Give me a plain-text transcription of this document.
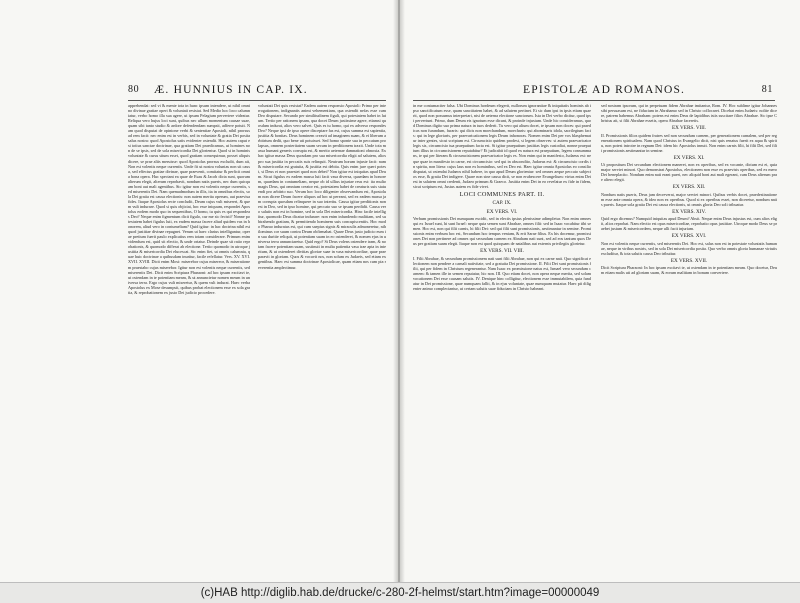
80 Æ. HUNNIUS IN CAP. IX.
apprehendat: sed vi & mente tota in hunc ipsum intendere, ut nihil omnino divinae gratiae operi & voluntati resistat. Sed Medio hoc loco calumniatur, verbo homo illa sua agere, ut ipsum Pelagium pervertere videatur. Reliqua vero hujus loci sunt, quibus nec ullum momentum causae suae, quam sibi tanto studio & ardore defendendam sumpsit, adferre potuit. Nam quod disputat de opinione verbi & sententiae Apostoli, nihil prorsus ad rem facit: nec enim est in verbis, sed in voluntate & gratia Dei posita salus nostra: quod Apostolus satis evidenter ostendit. Hoc autem caput est totius sanctae doctrinae, qua gratiam Dei praedicamus, ut homines non de se ipsis, sed de sola misericordia Dei glorientur. Quod si in hominis voluntate & cursu situm esset, quod gratiam consequimur, posset aliquis dicere, se prae aliis meruisse: quod Apostolus prorsus excludit, dum ait, Non est volentis neque currentis. Unde fit ut nostra voluntas non sit causa, sed effectus gratiae divinae, quae praevenit, comitatur & perficit omnia bona opera. Huc spectant ea quae de Esau & Jacob dicta sunt, quorum alterum elegit, alterum reprobavit, nondum natis pueris, nec dum quicquam boni aut mali agentibus. Sic igitur non est volentis neque currentis, sed miserentis Dei. Nam quemadmodum in illis, ita in omnibus electis, sola Dei gratia est causa electionis: non autem merita operum, aut praevisa fides. Itaque Apostolus recte concludit, Deum cujus vult misereri, & quem vult indurare. Quod si quis objiciat, hoc esse iniquum, respondet Apostolus eodem modo quo in sequentibus, O homo, tu quis es qui respondeas Deo? Neque enim figmentum dicit figulo, cur me sic fecisti? Nonne potestatem habet figulus luti, ex eadem massa facere aliud quidem vas in honorem, aliud vero in contumeliam? Quid igitur: in hac doctrina nihil est quod justitiae divinae repugnet. Verum ut haec clarius intelligantur, operae pretium fuerit paulo explicatius rem totam considerare. Primum enim videndum est, quid sit electio, & unde oriatur. Deinde quae sit ratio reprobationis, & quomodo differat ab electione. Tertio quomodo in utroque justitia & misericordia Dei elucescat. Sic enim fiet, ut omnis calumnia, quae huic doctrinae a quibusdam inuritur, facile refellatur. Vers. XV. XVI. XVII. XVIII. Dicit enim Mosi: miserebor cujus misereor, & miserationem praestabo cujus miserebor. Igitur non est volentis neque currentis, sed miserentis Dei. Dicit enim Scriptura Pharaoni: ad hoc ipsum excitavi te, ut ostendam in te potentiam meam, & ut annuncietur nomen meum in universa terra. Ergo cujus vult miseretur, & quem vult indurat. Haec verba Apostolus ex Mose desumpsit, quibus probat electionem esse ex sola gratia, & reprobationem ex justo Dei judicio procedere.
voluntati Dei quis resistat? Eadem autem responsio Apostoli: Primo per interrogationem, indignantis animi vehementiam, qua ostendit nefas esse cum Deo disputare. Secundo per similitudinem figuli, qui potestatem habet in lutum. Tertio per rationem ipsam, qua docet Deum justissime agere, etiamsi quosdam indurat, alios vero salvet. Quis es tu homo, qui ex adverso respondes Deo? Neque ipsi de ipso opere disceptare fas est, cujus summa est sapientia, justitia & bonitas. Deus hominem creavit ad imaginem suam, & ei liberum arbitrium dedit, quo bene uti potuisset. Sed homo sponte sua in peccatum prolapsus, omnem posteritatem suam secum in perditionem traxit. Unde tota massa humani generis corrupta est, & merito aeternae damnationi obnoxia. Ex hac igitur massa Deus quosdam pro sua misericordia eligit ad salutem, alios pro sua justitia in peccatis suis relinquit. Neutrum horum injuste facit: nam & misericordia est gratuita, & justitia est debita. Quis enim jure queri potest, si Deus ei non praestet quod non debet? Non igitur est iniquitas apud Deum. Sicut figulus ex eadem massa luti facit vasa diversa, quaedam in honorem, quaedam in contumeliam, neque ob id ullius injuriae reus est: ita multo magis Deus, qui omnium creator est, potestatem habet de creaturis suis statuendi pro arbitrio suo. Verum hoc loco diligenter observandum est, Apostolum non dicere Deum facere aliquos ad hoc ut pereant, sed ex eadem massa jam corrupta quosdam relinquere in suo interitu. Causa igitur perditionis non est in Deo, sed in ipso homine, qui peccato suo se ipsum perdidit. Causa vero salutis non est in homine, sed in sola Dei misericordia. Hinc facile intelligitur, quomodo Deus dicatur indurare: non enim infundendo malitiam, sed subtrahendo gratiam, & permittendo hominem suis concupiscentiis. Hoc modo Pharao induratus est, qui cum saepius signis & miraculis admoneretur, nihilominus cor suum contra Deum obfirmabat. Quare Deus justo judicio eum in sua duritie reliquit, ut potentiam suam in eo ostenderet, & nomen ejus in universa terra annunciaretur. Quid ergo? Si Deus volens ostendere iram, & notam facere potentiam suam, sustinuit in multa patientia vasa irae apta in interitum, & ut ostenderet divitias gloriae suae in vasa misericordiae, quae praeparavit in gloriam. Quos & vocavit nos, non solum ex Judaeis, sed etiam ex gentibus. Haec est summa doctrinae Apostolicae, quam etiam nos cum pia reverentia amplectimur.
EPISTOLÆ AD ROMANOS.	81
in me contumaciter falsa. Ubi Dominus hordeum elegerit, nullorum ignorantiae & iniquitatis hominis ab ipso sanctificatum esse, quam sanctitatem habet, & ad salutem pertinet. Et sic dum ipsi in ipsis etiam quaerit, quod non possumus interpretari, nisi de aeterna electione sanctorum. Ista in Dei verbo dicitur, quod ipsi pervertunt. Primo, dum Deum eis ignotum esse dicunt, & proinde injustum. Unde hic consideramus, quod Dominus digito suo prima natura in tuos dederit. Tu vero qui alium docet, te ipsum non doces: qui praedicas non furandum, furaris: qui dicis non moechandum, moecharis: qui abominaris idola, sacrilegium facis: qui in lege gloriaris, per praevaricationem legis Deum inhonoras. Nomen enim Dei per vos blasphematur inter gentes, sicut scriptum est. Circumcisio quidem prodest, si legem observes: si autem praevaricator legis sis, circumcisio tua praeputium facta est. Si igitur praeputium justitias legis custodiat, nonne praeputium illius in circumcisionem reputabitur? Et judicabit id quod ex natura est praeputium, legem consummans, te qui per literam & circumcisionem praevaricator legis es. Non enim qui in manifesto, Judaeus est: neque quae in manifesto in carne, est circumcisio: sed qui in abscondito, Judaeus est: & circumcisio cordis in spiritu, non litera: cujus laus non ex hominibus, sed ex Deo est. Haec igitur omnia Apostolus eo consilio disputat, ut ostendat Judaeos nihil habere, in quo apud Deum glorientur: sed omnes aeque peccato subjectos esse, & gratia Dei indigere. Quare non sine causa dicit, se non erubescere Evangelium: virtus enim Dei est in salutem omni credenti, Judaeo primum & Graeco. Justitia enim Dei in eo revelatur ex fide in fidem, sicut scriptum est, Justus autem ex fide vivet.
LOCI COMMUNES PART. II.
CAP. IX.
EX VERS. VI.
Verbum promissionis Dei numquam excidit, sed in electis ipsius plenissime adimpletur. Non enim omnes qui ex Israel sunt, hi sunt Israel: neque quia semen sunt Abrahae, omnes filii: sed in Isaac vocabitur tibi semen. Hoc est, non qui filii carnis, hi filii Dei: sed qui filii sunt promissionis, aestimantur in semine. Promissionis enim verbum hoc est, Secundum hoc tempus veniam, & erit Sarae filius. Ex his docemur, promissiones Dei non pertinere ad omnes qui secundum carnem ex Abraham nati sunt, sed ad eos tantum quos Deus per gratiam suam elegit. Itaque non est quod quisquam de natalibus aut externis privilegiis glorietur.
EX VERS. VII. VIII.
I. Filii Abrahae, & secundum promissionem nati sunt filii Abrahae, non qui ex carne nati. Quo significat electionem non pendere a carnali nativitate, sed a gratuita Dei promissione. II. Filii Dei sunt promissionis filii, qui per fidem in Christum regenerantur. Nam Isaac ex promissione natus est, Ismael vero secundum carnem: & tamen ille in semen reputatur, hic non. III. Quo etiam docet, non opera neque merita, sed solam vocationem Dei esse causam salutis. IV. Denique hinc colligitur, electionem esse immutabilem, quia fundatur in Dei promissione, quae numquam fallit, & in ejus voluntate, quae numquam mutatur. Haec pii diligenter animo complectantur, ut certam salutis suae fiduciam in Christo habeant.
sed nostram ipsorum, qui in perpetuam fidem Abrahae imitantur, Rom. IV. Hoc sublime igitur Johannes sibi persuasum est, ne fiduciam in Abrahamo sed in Christo collocaret. Dicebat enim Judaeis: nolite dicere, patrem habemus Abraham: potens est enim Deus de lapidibus istis suscitare filios Abrahae. Sic ipse Christus ait, si filii Abrahae essetis, opera Abrahae faceretis.
EX VERS. VIII.
II. Promissionis filios quidem fratres sed non secundum carnem, per generationem carnalem, sed per regenerationem spiritualem. Nam quod Christus in Evangelio dicit, nisi quis renatus fuerit ex aqua & spiritu, non potest introire in regnum Dei: idem hic Apostolus innuit. Non enim carnis filii, hi filii Dei, sed filii promissionis aestimantur in semine.
EX VERS. XI.
Ut propositum Dei secundum electionem maneret, non ex operibus, sed ex vocante, dictum est ei, quia major serviet minori. Quo demonstrat Apostolus, electionem non esse ex praevisis operibus, sed ex mero Dei beneplacito. Nondum enim nati erant pueri, nec aliquid boni aut mali egerant, cum Deus alterum prae altero elegit.
EX VERS. XII.
Nondum natis pueris, Deus jam decreverat, major serviet minori. Quibus verbis docet, praedestinationem esse ante omnia opera, & ideo non ex operibus. Quod si ex operibus esset, non diceretur, nondum natis pueris. Itaque sola gratia Dei est causa electionis, ut omnis gloria Deo soli tribuatur.
EX VERS. XIV.
Quid ergo dicemus? Numquid iniquitas apud Deum? Absit. Neque enim Deus injustus est, cum alios eligit, alios reprobat. Nam electio est opus misericordiae, reprobatio opus justitiae. Utroque modo Deus se praebet justum & misericordem, neque ulli facit injuriam.
EX VERS. XVI.
Non est volentis neque currentis, sed miserentis Dei. Hoc est, salus non est in potestate voluntatis humanae, neque in viribus nostris, sed in sola Dei misericordia posita. Quo verbo omnis gloria humanae virtutis excluditur, & tota salutis causa Deo tribuitur.
EX VERS. XVII.
Dicit Scriptura Pharaoni: In hoc ipsum excitavi te, ut ostendam in te potentiam meam. Quo docetur, Deum etiam malis uti ad gloriam suam, & eorum malitiam in bonum convertere.
(c)HAB http://diglib.hab.de/drucke/c-280-2f-helmst/start.htm?image=00000049
